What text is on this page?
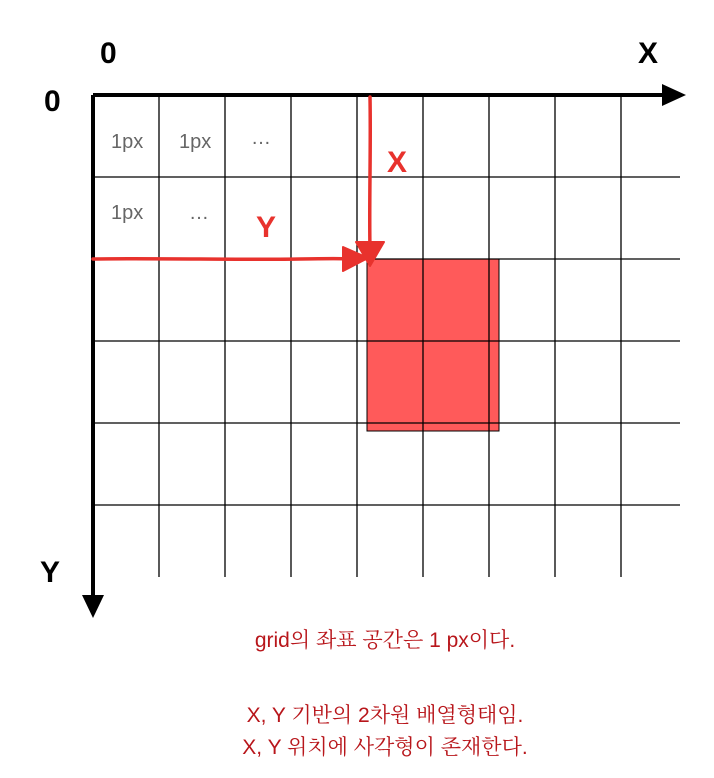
0
0
X
Y
1px 1px …
1px …
X
Y
grid의 좌표 공간은 1 px이다.
X, Y 기반의 2차원 배열형태임.
X, Y 위치에 사각형이 존재한다.
